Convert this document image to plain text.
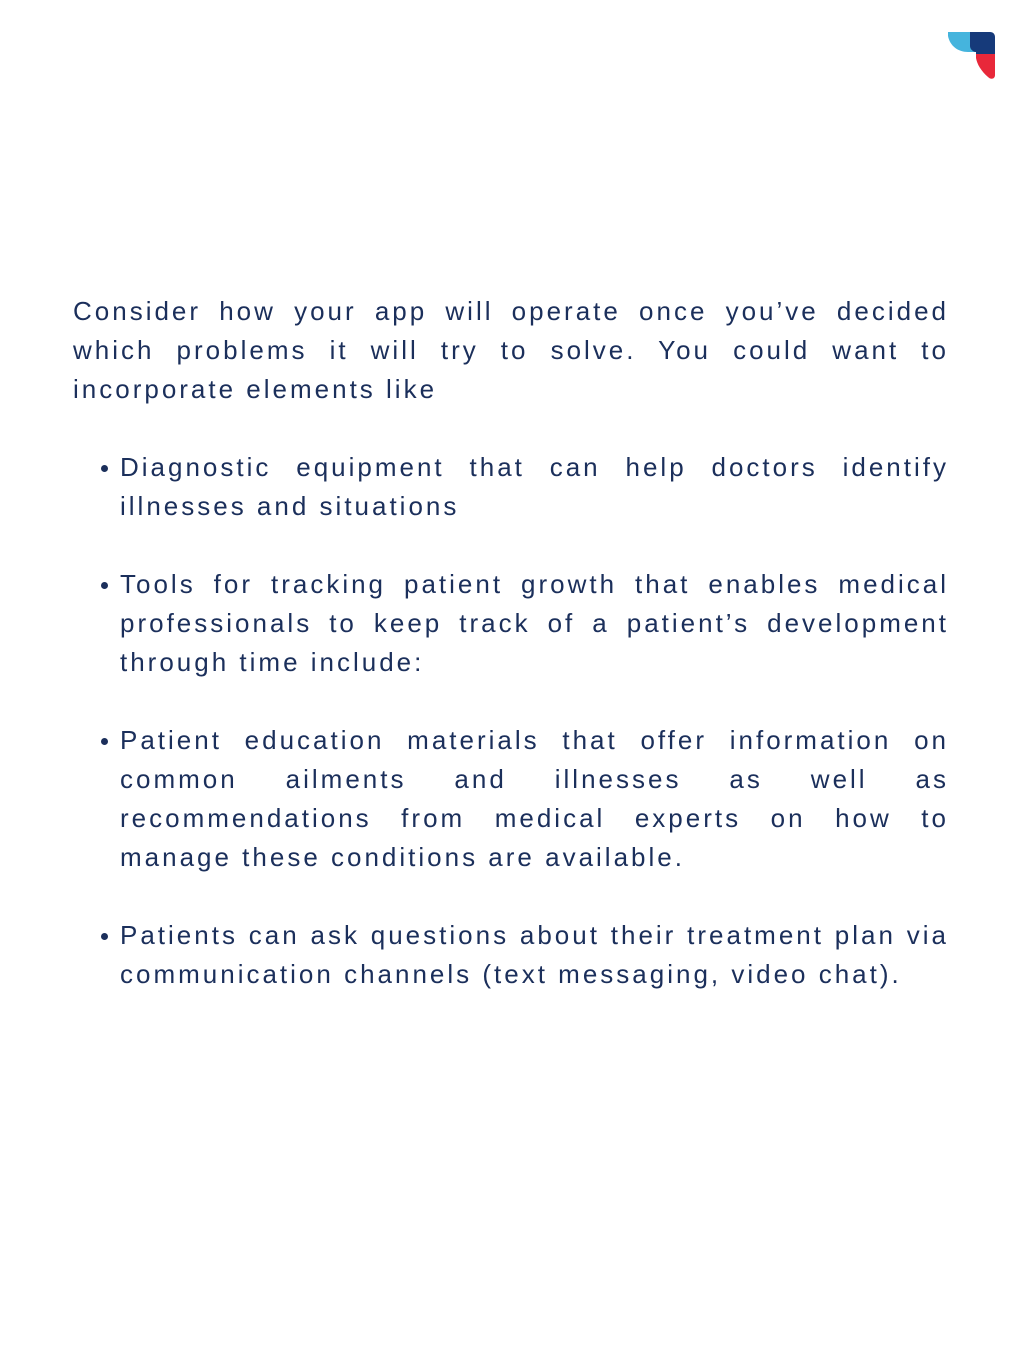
Consider how your app will operate once you’ve decided which problems it will try to solve. You could want to incorporate elements like

Diagnostic equipment that can help doctors identify illnesses and situations
Tools for tracking patient growth that enables medical professionals to keep track of a patient’s development through time include:
Patient education materials that offer information on common ailments and illnesses as well as recommendations from medical experts on how to manage these conditions are available.
Patients can ask questions about their treatment plan via communication channels (text messaging, video chat).
